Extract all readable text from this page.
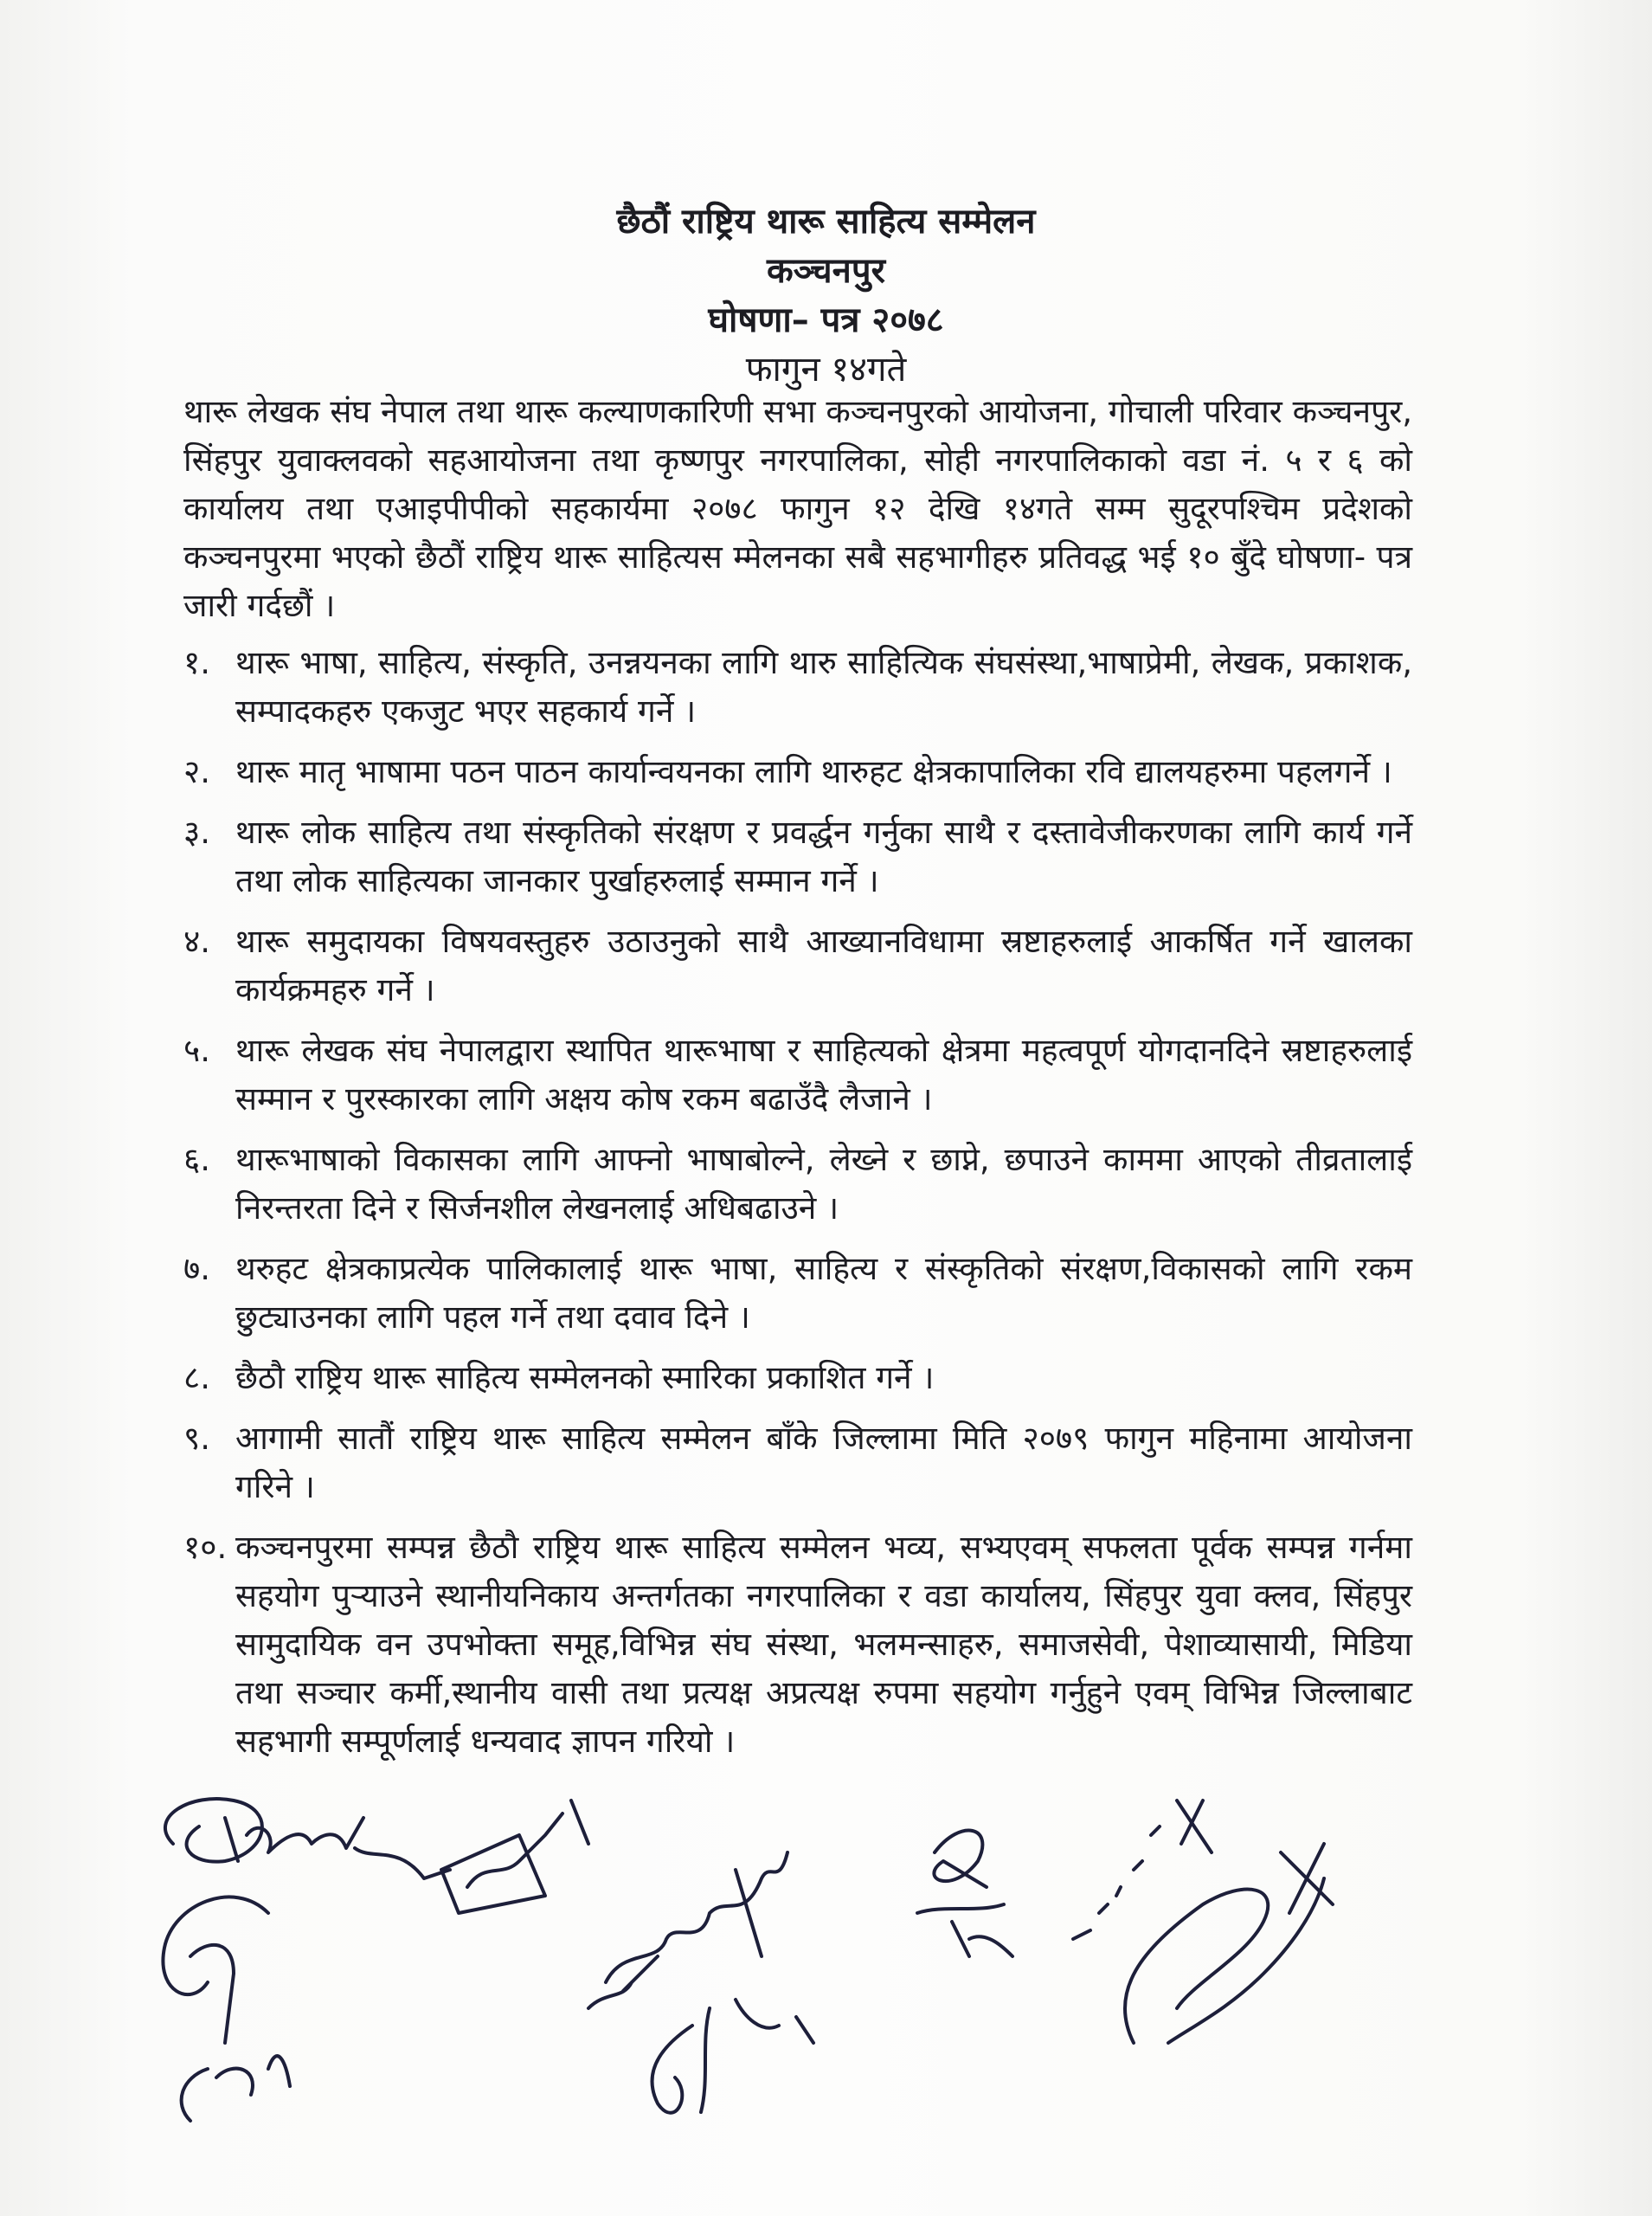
छैठौं राष्ट्रिय थारू साहित्य सम्मेलन
कञ्चनपुर
घोषणा– पत्र २०७८
फागुन १४गते

थारू लेखक संघ नेपाल तथा थारू कल्याणकारिणी सभा कञ्चनपुरको आयोजना, गोचाली परिवार कञ्चनपुर, सिंहपुर युवाक्लवको सहआयोजना तथा कृष्णपुर नगरपालिका, सोही नगरपालिकाको वडा नं. ५ र ६ को कार्यालय तथा एआइपीपीको सहकार्यमा २०७८ फागुन १२ देखि १४गते सम्म सुदूरपश्चिम प्रदेशको कञ्चनपुरमा भएको छैठौं राष्ट्रिय थारू साहित्यस म्मेलनका सबै सहभागीहरु प्रतिवद्ध भई १० बुँदे घोषणा- पत्र जारी गर्दछौं ।

१. थारू भाषा, साहित्य, संस्कृति, उनन्नयनका लागि थारु साहित्यिक संघसंस्था,भाषाप्रेमी, लेखक, प्रकाशक, सम्पादकहरु एकजुट भएर सहकार्य गर्ने ।
२. थारू मातृ भाषामा पठन पाठन कार्यान्वयनका लागि थारुहट क्षेत्रकापालिका रवि द्यालयहरुमा पहलगर्ने ।
३. थारू लोक साहित्य तथा संस्कृतिको संरक्षण र प्रवर्द्धन गर्नुका साथै र दस्तावेजीकरणका लागि कार्य गर्ने तथा लोक साहित्यका जानकार पुर्खाहरुलाई सम्मान गर्ने ।
४. थारू समुदायका विषयवस्तुहरु उठाउनुको साथै आख्यानविधामा स्रष्टाहरुलाई आकर्षित गर्ने खालका कार्यक्रमहरु गर्ने ।
५. थारू लेखक संघ नेपालद्वारा स्थापित थारूभाषा र साहित्यको क्षेत्रमा महत्वपूर्ण योगदानदिने स्रष्टाहरुलाई सम्मान र पुरस्कारका लागि अक्षय कोष रकम बढाउँदै लैजाने ।
६. थारूभाषाको विकासका लागि आफ्नो भाषाबोल्ने, लेख्ने र छाप्ने, छपाउने काममा आएको तीव्रतालाई निरन्तरता दिने र सिर्जनशील लेखनलाई अधिबढाउने ।
७. थरुहट क्षेत्रकाप्रत्येक पालिकालाई थारू भाषा, साहित्य र संस्कृतिको संरक्षण,विकासको लागि रकम छुट्याउनका लागि पहल गर्ने तथा दवाव दिने ।
८. छैठौ राष्ट्रिय थारू साहित्य सम्मेलनको स्मारिका प्रकाशित गर्ने ।
९. आगामी सातौं राष्ट्रिय थारू साहित्य सम्मेलन बाँके जिल्लामा मिति २०७९ फागुन महिनामा आयोजना गरिने ।
१०. कञ्चनपुरमा सम्पन्न छैठौ राष्ट्रिय थारू साहित्य सम्मेलन भव्य, सभ्यएवम् सफलता पूर्वक सम्पन्न गर्नमा सहयोग पुऱ्याउने स्थानीयनिकाय अन्तर्गतका नगरपालिका र वडा कार्यालय, सिंहपुर युवा क्लव, सिंहपुर सामुदायिक वन उपभोक्ता समूह,विभिन्न संघ संस्था, भलमन्साहरु, समाजसेवी, पेशाव्यासायी, मिडिया तथा सञ्चार कर्मी,स्थानीय वासी तथा प्रत्यक्ष अप्रत्यक्ष रुपमा सहयोग गर्नुहुने एवम् विभिन्न जिल्लाबाट सहभागी सम्पूर्णलाई धन्यवाद ज्ञापन गरियो ।
